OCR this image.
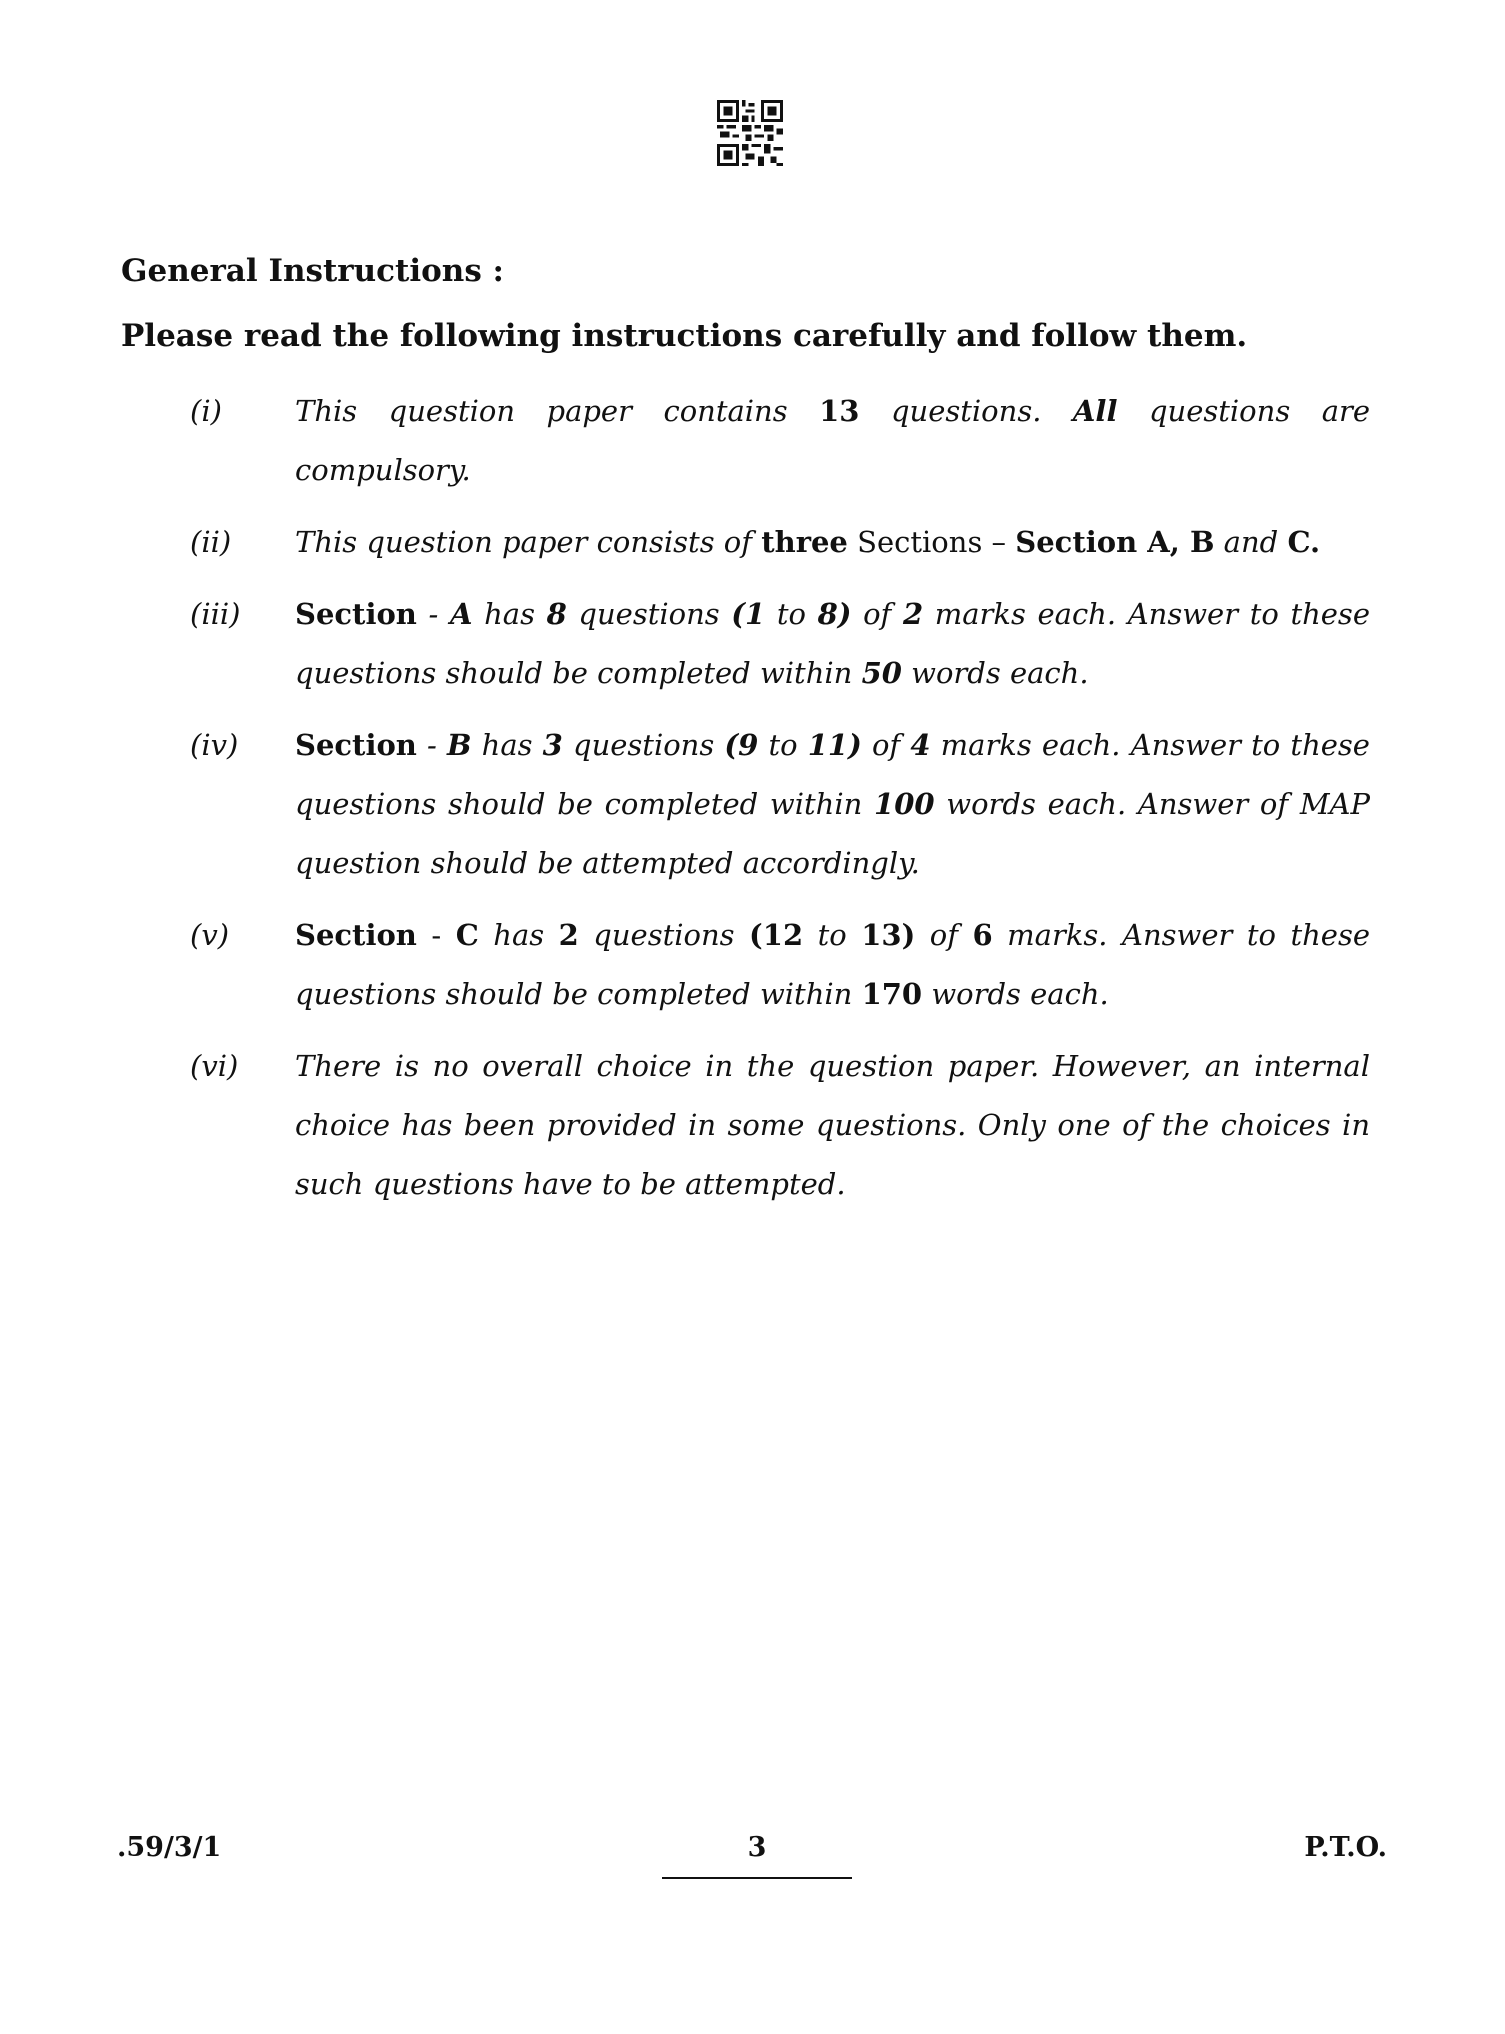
General Instructions :
Please read the following instructions carefully and follow them.
(i)	This question paper contains 13 questions. All questions are compulsory.
(ii) This question paper consists of three Sections – Section A, B and C.
(iii) Section - A has 8 questions (1 to 8) of 2 marks each. Answer to these questions should be completed within 50 words each.
(iv) Section - B has 3 questions (9 to 11) of 4 marks each. Answer to these questions should be completed within 100 words each. Answer of MAP question should be attempted accordingly.
(v) Section - C has 2 questions (12 to 13) of 6 marks. Answer to these questions should be completed within 170 words each.
(vi) There is no overall choice in the question paper. However, an internal choice has been provided in some questions. Only one of the choices in such questions have to be attempted.
.59/3/1	3	P.T.O.
